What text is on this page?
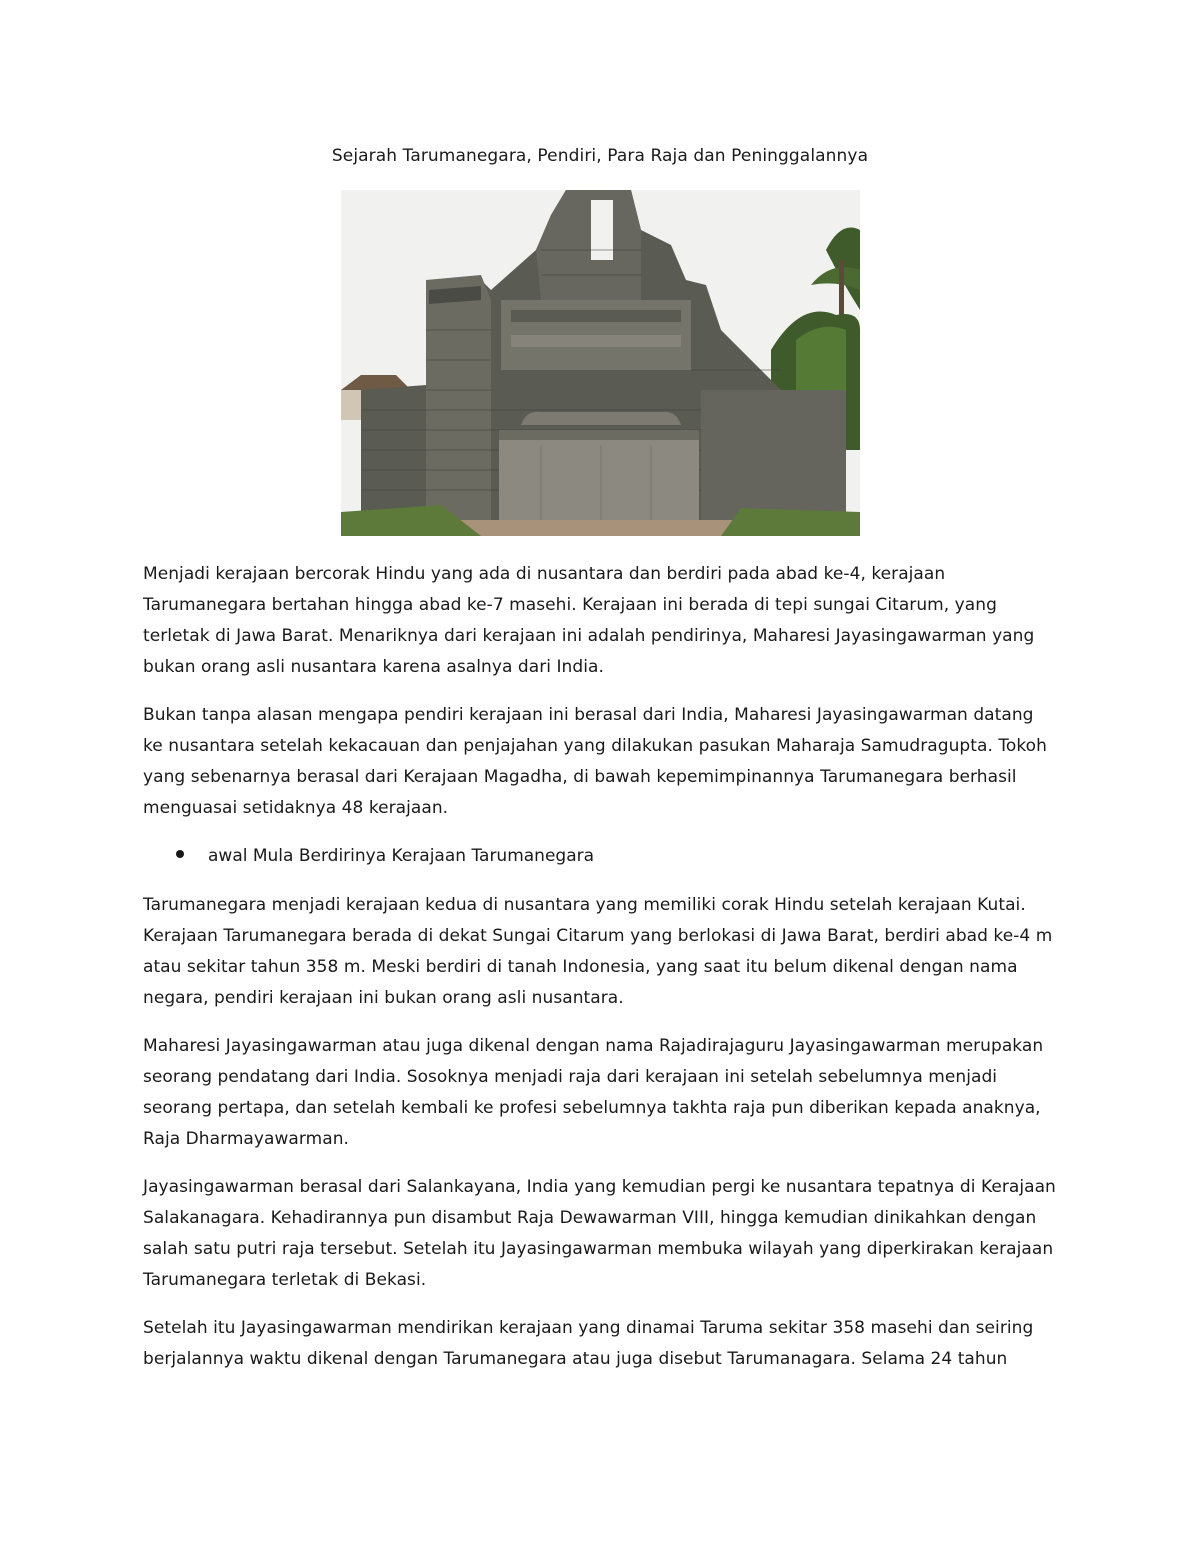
Sejarah Tarumanegara, Pendiri, Para Raja dan Peninggalannya

Menjadi kerajaan bercorak Hindu yang ada di nusantara dan berdiri pada abad ke-4, kerajaan
Tarumanegara bertahan hingga abad ke-7 masehi. Kerajaan ini berada di tepi sungai Citarum, yang
terletak di Jawa Barat. Menariknya dari kerajaan ini adalah pendirinya, Maharesi Jayasingawarman yang
bukan orang asli nusantara karena asalnya dari India.

Bukan tanpa alasan mengapa pendiri kerajaan ini berasal dari India, Maharesi Jayasingawarman datang
ke nusantara setelah kekacauan dan penjajahan yang dilakukan pasukan Maharaja Samudragupta. Tokoh
yang sebenarnya berasal dari Kerajaan Magadha, di bawah kepemimpinannya Tarumanegara berhasil
menguasai setidaknya 48 kerajaan.

awal Mula Berdirinya Kerajaan Tarumanegara

Tarumanegara menjadi kerajaan kedua di nusantara yang memiliki corak Hindu setelah kerajaan Kutai.
Kerajaan Tarumanegara berada di dekat Sungai Citarum yang berlokasi di Jawa Barat, berdiri abad ke-4 m
atau sekitar tahun 358 m. Meski berdiri di tanah Indonesia, yang saat itu belum dikenal dengan nama
negara, pendiri kerajaan ini bukan orang asli nusantara.

Maharesi Jayasingawarman atau juga dikenal dengan nama Rajadirajaguru Jayasingawarman merupakan
seorang pendatang dari India. Sosoknya menjadi raja dari kerajaan ini setelah sebelumnya menjadi
seorang pertapa, dan setelah kembali ke profesi sebelumnya takhta raja pun diberikan kepada anaknya,
Raja Dharmayawarman.

Jayasingawarman berasal dari Salankayana, India yang kemudian pergi ke nusantara tepatnya di Kerajaan
Salakanagara. Kehadirannya pun disambut Raja Dewawarman VIII, hingga kemudian dinikahkan dengan
salah satu putri raja tersebut. Setelah itu Jayasingawarman membuka wilayah yang diperkirakan kerajaan
Tarumanegara terletak di Bekasi.

Setelah itu Jayasingawarman mendirikan kerajaan yang dinamai Taruma sekitar 358 masehi dan seiring
berjalannya waktu dikenal dengan Tarumanegara atau juga disebut Tarumanagara. Selama 24 tahun
